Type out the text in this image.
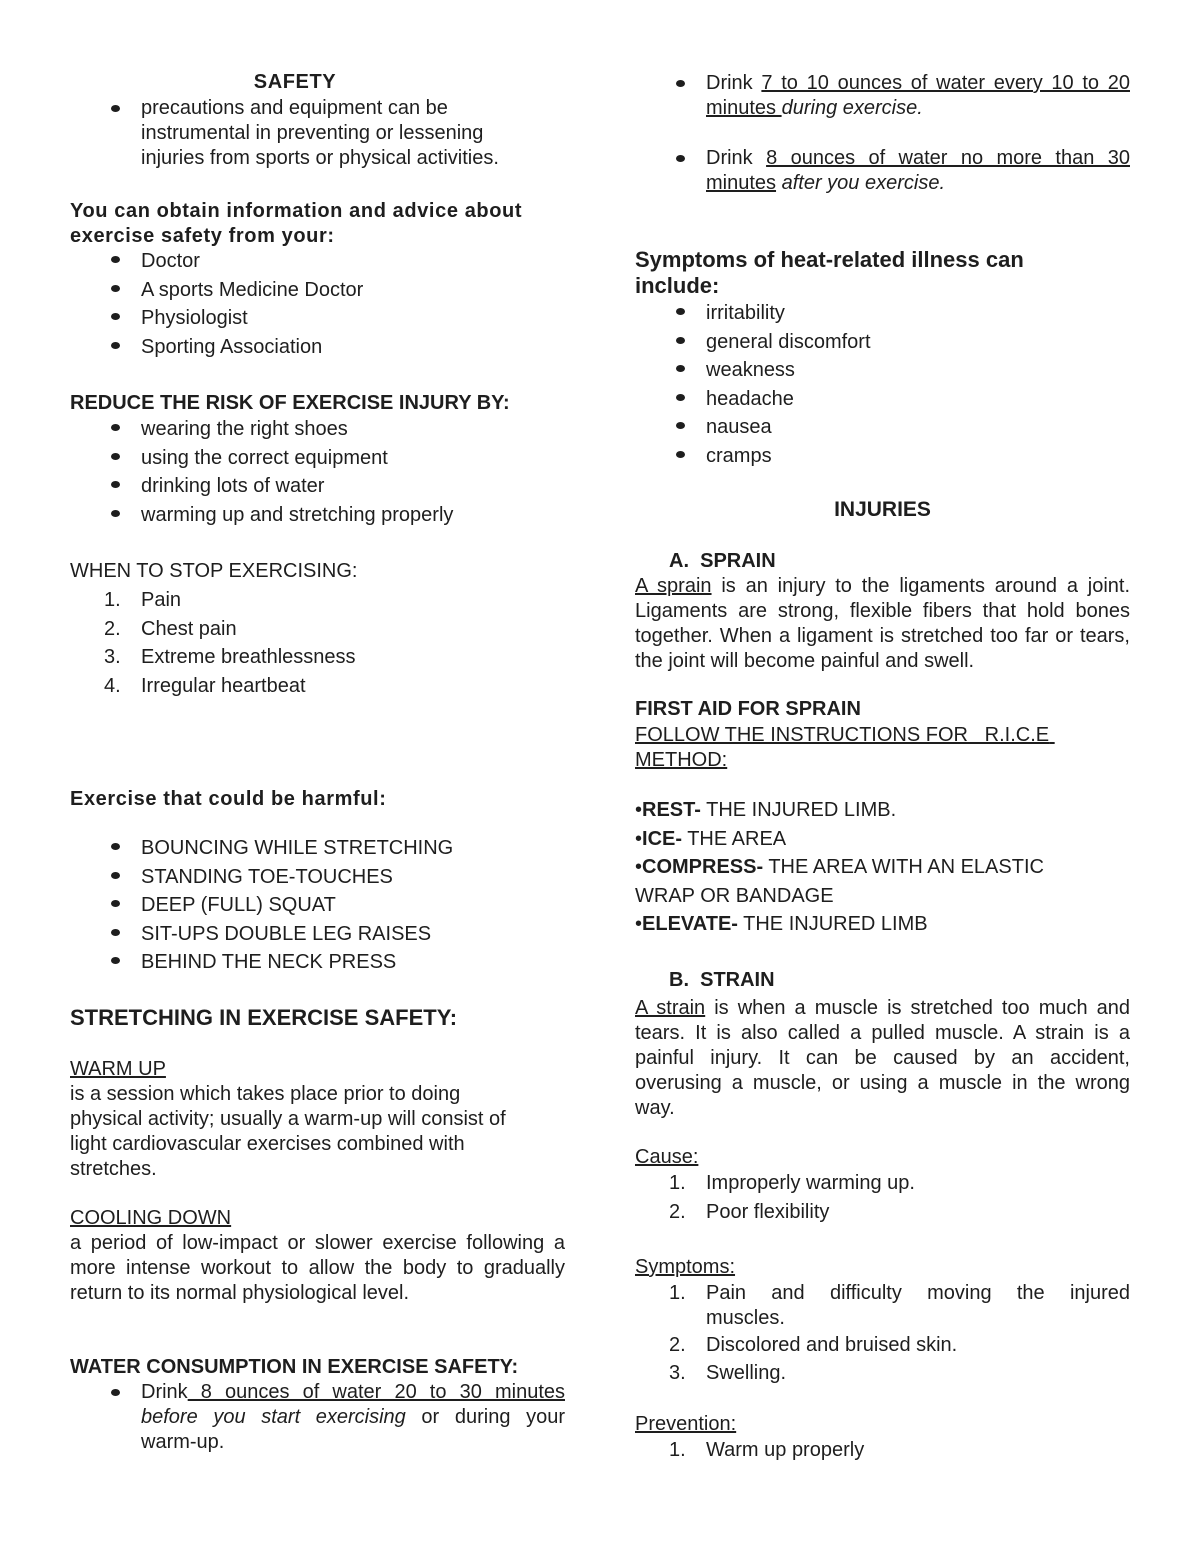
SAFETY
precautions and equipment can be instrumental in preventing or lessening injuries from sports or physical activities.
You can obtain information and advice about exercise safety from your:
Doctor
A sports Medicine Doctor
Physiologist
Sporting Association
REDUCE THE RISK OF EXERCISE INJURY BY:
wearing the right shoes
using the correct equipment
drinking lots of water
warming up and stretching properly
WHEN TO STOP EXERCISING:
1. Pain
2. Chest pain
3. Extreme breathlessness
4. Irregular heartbeat
Exercise that could be harmful:
BOUNCING WHILE STRETCHING
STANDING TOE-TOUCHES
DEEP (FULL) SQUAT
SIT-UPS DOUBLE LEG RAISES
BEHIND THE NECK PRESS
STRETCHING IN EXERCISE SAFETY:
WARM UP
is a session which takes place prior to doing physical activity; usually a warm-up will consist of light cardiovascular exercises combined with stretches.
COOLING DOWN
a period of low-impact or slower exercise following a more intense workout to allow the body to gradually return to its normal physiological level.
WATER CONSUMPTION IN EXERCISE SAFETY:
Drink 8 ounces of water 20 to 30 minutes before you start exercising or during your warm-up.
Drink 7 to 10 ounces of water every 10 to 20 minutes during exercise.
Drink 8 ounces of water no more than 30 minutes after you exercise.
Symptoms of heat-related illness can include:
irritability
general discomfort
weakness
headache
nausea
cramps
INJURIES
A.  SPRAIN
A sprain is an injury to the ligaments around a joint. Ligaments are strong, flexible fibers that hold bones together. When a ligament is stretched too far or tears, the joint will become painful and swell.
FIRST AID FOR SPRAIN
FOLLOW THE INSTRUCTIONS FOR   R.I.C.E METHOD:
•REST- THE INJURED LIMB.
•ICE- THE AREA
•COMPRESS- THE AREA WITH AN ELASTIC WRAP OR BANDAGE
•ELEVATE- THE INJURED LIMB
B.  STRAIN
A strain is when a muscle is stretched too much and tears. It is also called a pulled muscle. A strain is a painful injury. It can be caused by an accident, overusing a muscle, or using a muscle in the wrong way.
Cause:
1. Improperly warming up.
2. Poor flexibility
Symptoms:
1. Pain and difficulty moving the injured muscles.
2. Discolored and bruised skin.
3. Swelling.
Prevention:
1. Warm up properly
